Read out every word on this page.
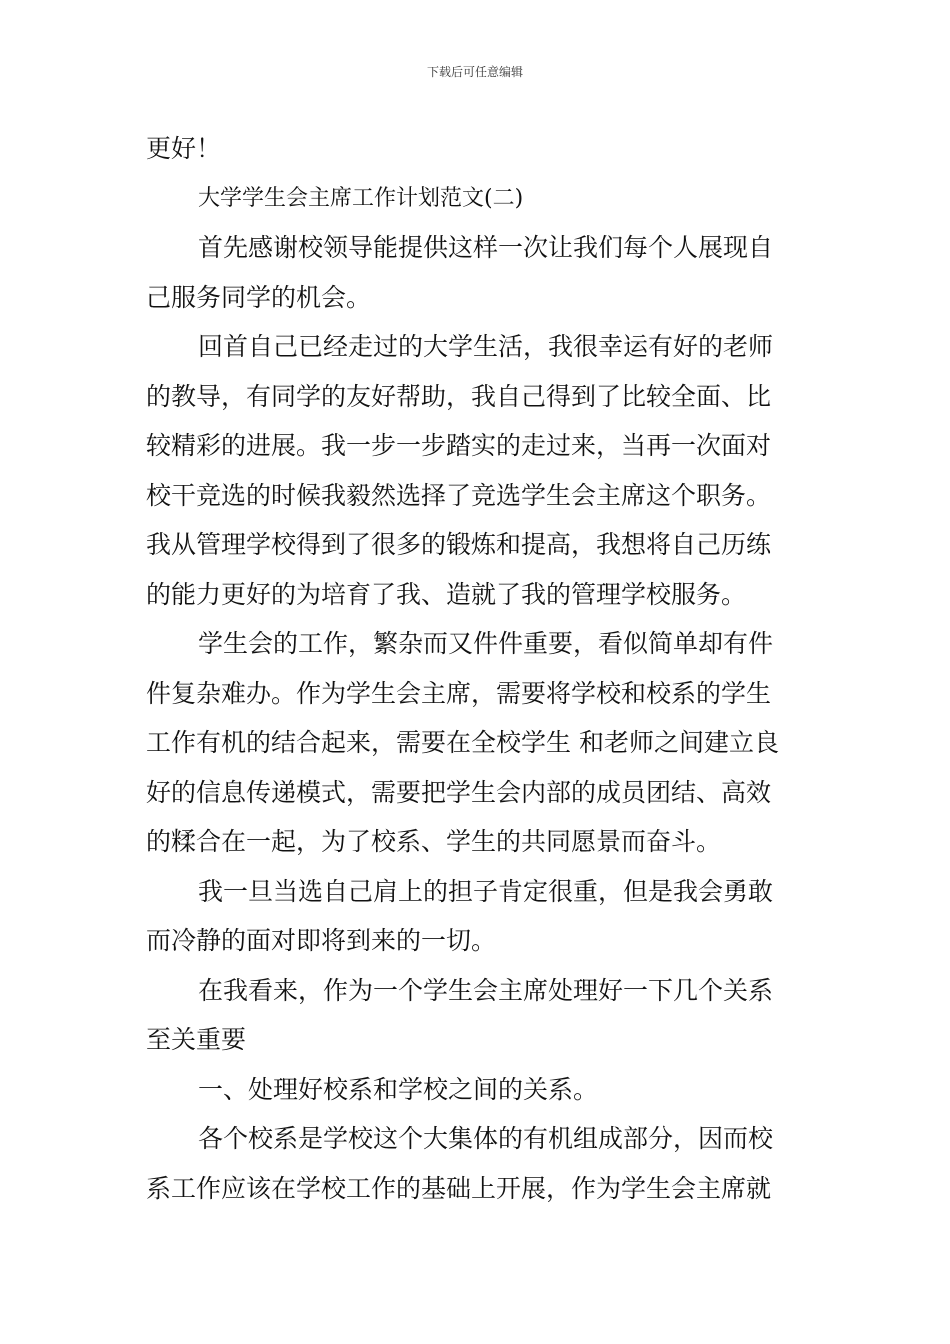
下载后可任意编辑
更好！
大学学生会主席工作计划范文(二)
首先感谢校领导能提供这样一次让我们每个人展现自
己服务同学的机会。
回首自己已经走过的大学生活，我很幸运有好的老师
的教导，有同学的友好帮助，我自己得到了比较全面、比
较精彩的进展。我一步一步踏实的走过来，当再一次面对
校干竞选的时候我毅然选择了竞选学生会主席这个职务。
我从管理学校得到了很多的锻炼和提高，我想将自己历练
的能力更好的为培育了我、造就了我的管理学校服务。
学生会的工作，繁杂而又件件重要，看似简单却有件
件复杂难办。作为学生会主席，需要将学校和校系的学生
工作有机的结合起来，需要在全校学生 和老师之间建立良
好的信息传递模式，需要把学生会内部的成员团结、高效
的糅合在一起，为了校系、学生的共同愿景而奋斗。
我一旦当选自己肩上的担子肯定很重，但是我会勇敢
而冷静的面对即将到来的一切。
在我看来，作为一个学生会主席处理好一下几个关系
至关重要
一、处理好校系和学校之间的关系。
各个校系是学校这个大集体的有机组成部分，因而校
系工作应该在学校工作的基础上开展，作为学生会主席就
